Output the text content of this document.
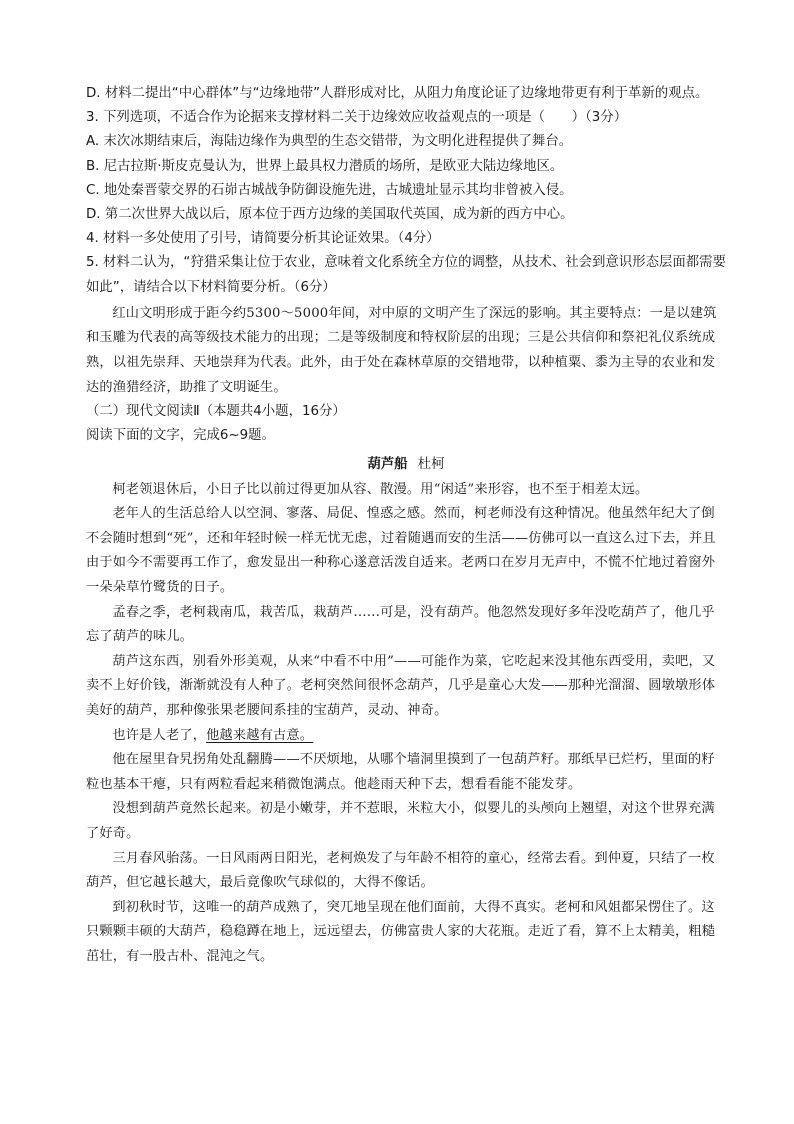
D. 材料二提出“中心群体”与“边缘地带”人群形成对比，从阻力角度论证了边缘地带更有利于革新的观点。

3. 下列选项，不适合作为论据来支撑材料二关于边缘效应收益观点的一项是（　　）（3分）

A. 末次冰期结束后，海陆边缘作为典型的生态交错带，为文明化进程提供了舞台。

B. 尼古拉斯·斯皮克曼认为，世界上最具权力潜质的场所，是欧亚大陆边缘地区。

C. 地处秦晋蒙交界的石峁古城战争防御设施先进，古城遗址显示其均非曾被入侵。

D. 第二次世界大战以后，原本位于西方边缘的美国取代英国，成为新的西方中心。

4. 材料一多处使用了引号，请简要分析其论证效果。（4分）

5. 材料二认为，“狩猎采集让位于农业，意味着文化系统全方位的调整，从技术、社会到意识形态层面都需要如此”，请结合以下材料简要分析。（6分）

红山文明形成于距今约5300～5000年间，对中原的文明产生了深远的影响。其主要特点：一是以建筑和玉雕为代表的高等级技术能力的出现；二是等级制度和特权阶层的出现；三是公共信仰和祭祀礼仪系统成熟，以祖先崇拜、天地崇拜为代表。此外，由于处在森林草原的交错地带，以种植粟、黍为主导的农业和发达的渔猎经济，助推了文明诞生。

（二）现代文阅读Ⅱ（本题共4小题，16分）

阅读下面的文字，完成6~9题。

葫芦船 杜柯

柯老领退休后，小日子比以前过得更加从容、散漫。用“闲适”来形容，也不至于相差太远。

老年人的生活总给人以空洞、寥落、局促、惶惑之感。然而，柯老师没有这种情况。他虽然年纪大了倒不会随时想到“死”，还和年轻时候一样无忧无虑，过着随遇而安的生活——仿佛可以一直这么过下去，并且由于如今不需要再工作了，愈发显出一种称心遂意活泼自适来。老两口在岁月无声中，不慌不忙地过着窗外一朵朵草竹鹭货的日子。

孟春之季，老柯栽南瓜，栽苦瓜，栽葫芦……可是，没有葫芦。他忽然发现好多年没吃葫芦了，他几乎忘了葫芦的味儿。

葫芦这东西，别看外形美观，从来“中看不中用”——可能作为菜，它吃起来没其他东西受用，卖吧，又卖不上好价钱，渐渐就没有人种了。老柯突然间很怀念葫芦，几乎是童心大发——那种光溜溜、圆墩墩形体美好的葫芦，那种像张果老腰间系挂的宝葫芦，灵动、神奇。

也许是人老了，他越来越有古意。

他在屋里旮旯拐角处乱翻腾——不厌烦地，从哪个墙洞里摸到了一包葫芦籽。那纸早已烂朽，里面的籽粒也基本干瘪，只有两粒看起来稍微饱满点。他趁雨天种下去，想看看能不能发芽。

没想到葫芦竟然长起来。初是小嫩芽，并不惹眼，米粒大小，似婴儿的头颅向上翘望，对这个世界充满了好奇。

三月春风骀荡。一日风雨两日阳光，老柯焕发了与年龄不相符的童心，经常去看。到仲夏，只结了一枚葫芦，但它越长越大，最后竟像吹气球似的，大得不像话。

到初秋时节，这唯一的葫芦成熟了，突兀地呈现在他们面前，大得不真实。老柯和风姐都呆愣住了。这只颗颗丰硕的大葫芦，稳稳蹲在地上，远远望去，仿佛富贵人家的大花瓶。走近了看，算不上太精美，粗糙茁壮，有一股古朴、混沌之气。
